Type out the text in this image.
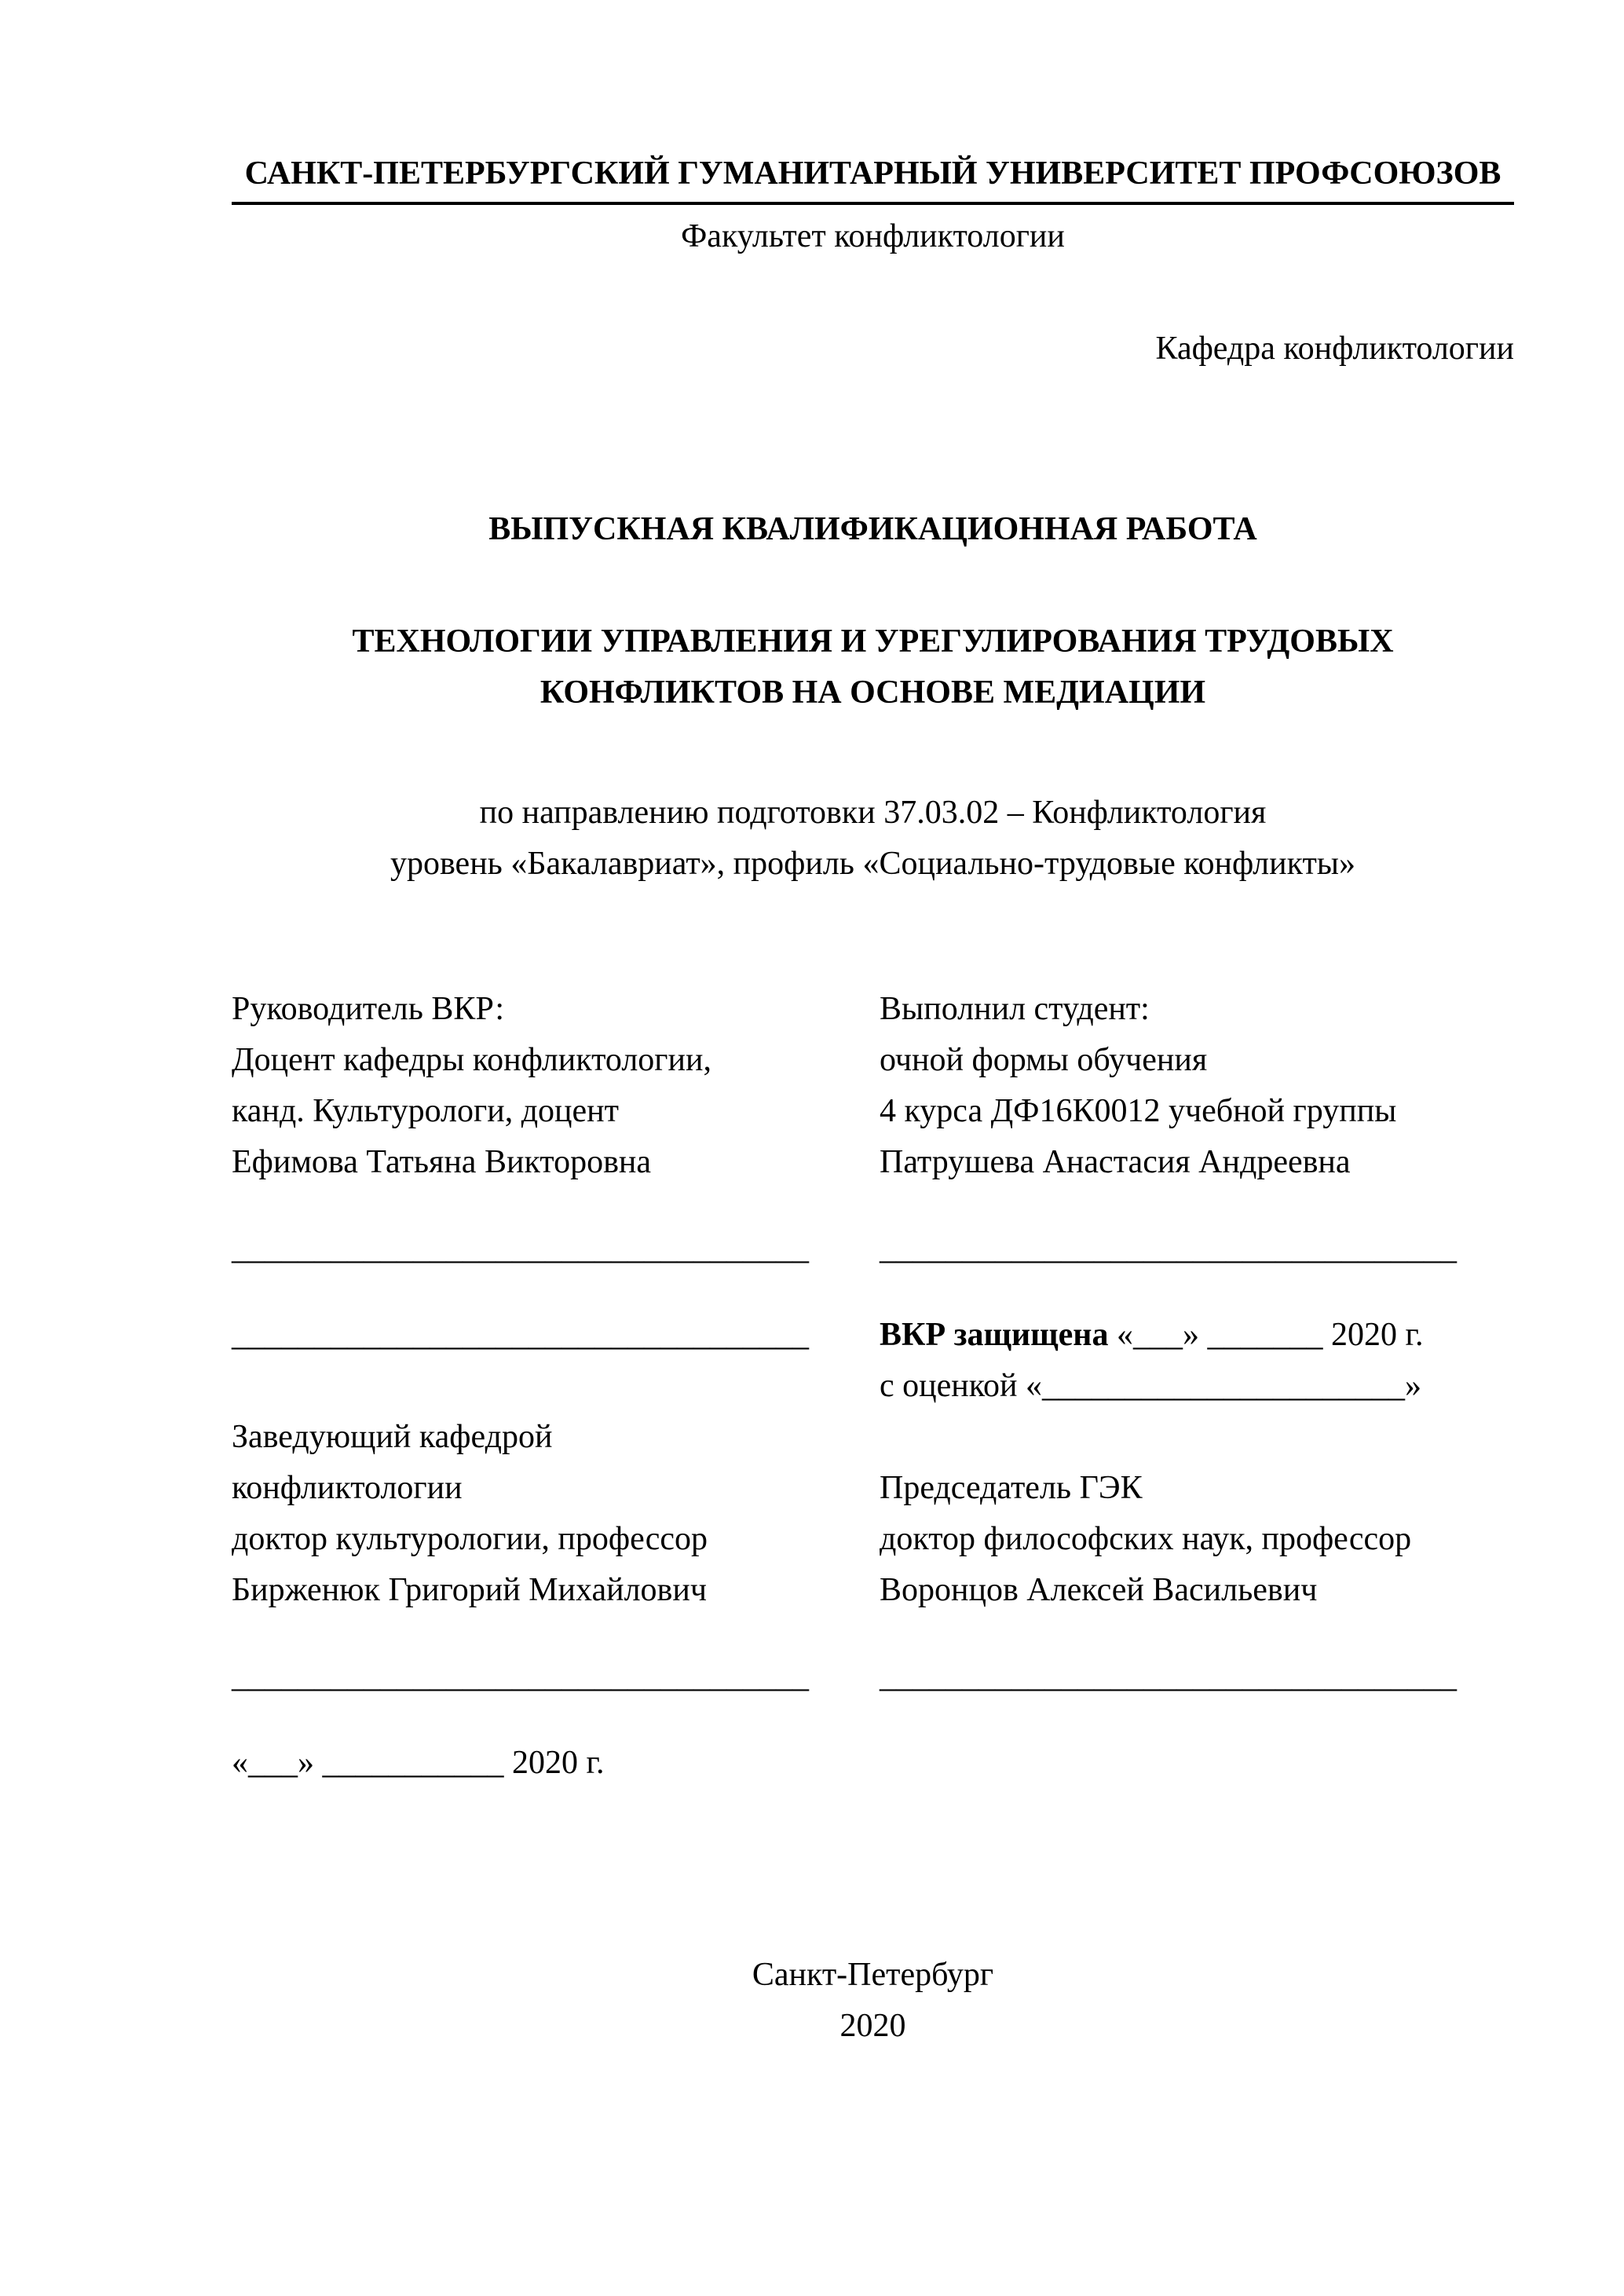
САНКТ-ПЕТЕРБУРГСКИЙ ГУМАНИТАРНЫЙ УНИВЕРСИТЕТ ПРОФСОЮЗОВ
Факультет конфликтологии
Кафедра конфликтологии
ВЫПУСКНАЯ КВАЛИФИКАЦИОННАЯ РАБОТА
ТЕХНОЛОГИИ УПРАВЛЕНИЯ И УРЕГУЛИРОВАНИЯ ТРУДОВЫХ
КОНФЛИКТОВ НА ОСНОВЕ МЕДИАЦИИ
по направлению подготовки 37.03.02 – Конфликтология
уровень «Бакалавриат», профиль «Социально-трудовые конфликты»
Руководитель ВКР:
Доцент кафедры конфликтологии,
канд. Культурологи, доцент
Ефимова Татьяна Викторовна
Выполнил студент:
очной формы обучения
4 курса ДФ16К0012 учебной группы
Патрушева Анастасия Андреевна
___________________________________	___________________________________
___________________________________
Заведующий кафедрой
конфликтологии
доктор культурологии, профессор
Бирженюк Григорий Михайлович
ВКР защищена «___» _______ 2020 г.
с оценкой «______________________»
Председатель ГЭК
доктор философских наук, профессор
Воронцов Алексей Васильевич
___________________________________	___________________________________
«___» ___________ 2020 г.
Санкт-Петербург
2020
